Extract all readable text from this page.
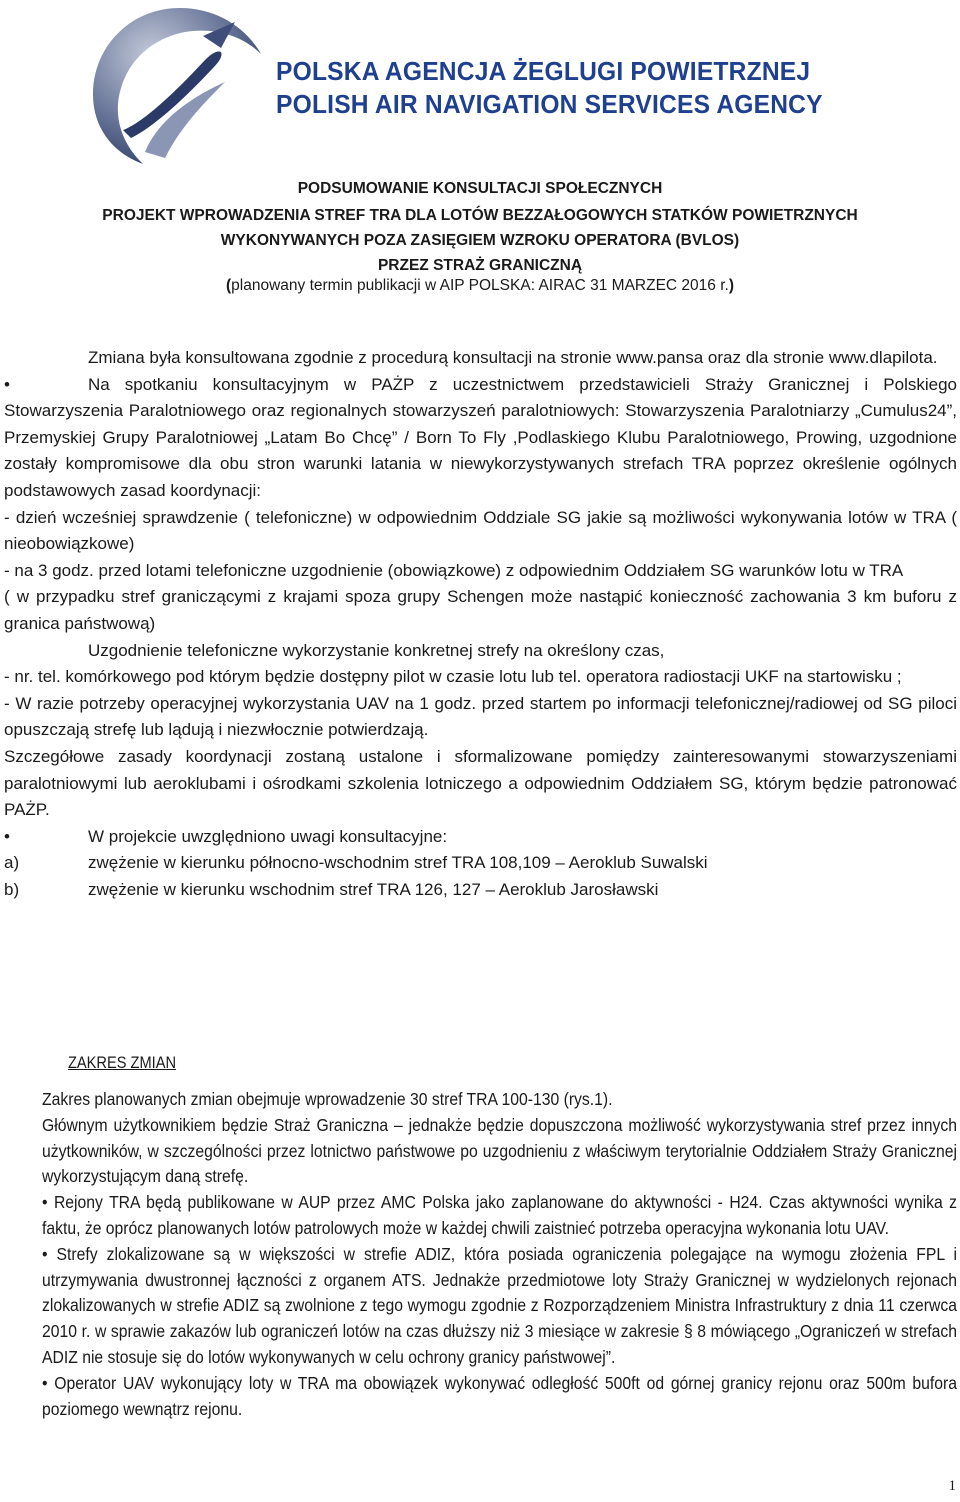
POLSKA AGENCJA ŻEGLUGI POWIETRZNEJ
POLISH AIR NAVIGATION SERVICES AGENCY
PODSUMOWANIE KONSULTACJI SPOŁECZNYCH
PROJEKT WPROWADZENIA STREF TRA DLA LOTÓW BEZZAŁOGOWYCH STATKÓW POWIETRZNYCH
WYKONYWANYCH POZA ZASIĘGIEM WZROKU OPERATORA (BVLOS)
PRZEZ STRAŻ GRANICZNĄ
(planowany termin publikacji w AIP POLSKA: AIRAC 31 MARZEC 2016 r.)

Zmiana była konsultowana zgodnie z procedurą konsultacji na stronie www.pansa oraz dla stronie www.dlapilota.

•	Na spotkaniu konsultacyjnym w PAŻP z uczestnictwem przedstawicieli Straży Granicznej i Polskiego Stowarzyszenia Paralotniowego oraz regionalnych stowarzyszeń paralotniowych: Stowarzyszenia Paralotniarzy „Cumulus24”, Przemyskiej Grupy Paralotniowej „Latam Bo Chcę” / Born To Fly ,Podlaskiego Klubu Paralotniowego, Prowing, uzgodnione zostały kompromisowe dla obu stron warunki latania w niewykorzystywanych strefach TRA poprzez określenie ogólnych podstawowych zasad koordynacji:

- dzień wcześniej sprawdzenie ( telefoniczne) w odpowiednim Oddziale SG jakie są możliwości wykonywania lotów w TRA ( nieobowiązkowe)

- na 3 godz. przed lotami telefoniczne uzgodnienie (obowiązkowe) z odpowiednim Oddziałem SG warunków lotu w TRA

( w przypadku stref graniczącymi z krajami spoza grupy Schengen może nastąpić konieczność zachowania 3 km buforu z granica państwową)

Uzgodnienie telefoniczne wykorzystanie konkretnej strefy na określony czas,

- nr. tel. komórkowego pod którym będzie dostępny pilot w czasie lotu lub tel. operatora radiostacji UKF na startowisku ;

- W razie potrzeby operacyjnej wykorzystania UAV na 1 godz. przed startem po informacji telefonicznej/radiowej od SG piloci opuszczają strefę lub lądują i niezwłocznie potwierdzają.

Szczegółowe zasady koordynacji zostaną ustalone i sformalizowane pomiędzy zainteresowanymi stowarzyszeniami paralotniowymi lub aeroklubami i ośrodkami szkolenia lotniczego a odpowiednim Oddziałem SG, którym będzie patronować PAŻP.

•	W projekcie uwzględniono uwagi konsultacyjne:
a)	zwężenie w kierunku północno-wschodnim stref TRA 108,109 – Aeroklub Suwalski
b)	zwężenie w kierunku wschodnim stref TRA 126, 127 – Aeroklub Jarosławski
ZAKRES ZMIAN

Zakres planowanych zmian obejmuje wprowadzenie 30 stref TRA 100-130 (rys.1).

Głównym użytkownikiem będzie Straż Graniczna – jednakże będzie dopuszczona możliwość wykorzystywania stref przez innych użytkowników, w szczególności przez lotnictwo państwowe po uzgodnieniu z właściwym terytorialnie Oddziałem Straży Granicznej wykorzystującym daną strefę.

• Rejony TRA będą publikowane w AUP przez AMC Polska jako zaplanowane do aktywności - H24. Czas aktywności wynika z faktu, że oprócz planowanych lotów patrolowych może w każdej chwili zaistnieć potrzeba operacyjna wykonania lotu UAV.

• Strefy zlokalizowane są w większości w strefie ADIZ, która posiada ograniczenia polegające na wymogu złożenia FPL i utrzymywania dwustronnej łączności z organem ATS. Jednakże przedmiotowe loty Straży Granicznej w wydzielonych rejonach zlokalizowanych w strefie ADIZ są zwolnione z tego wymogu zgodnie z Rozporządzeniem Ministra Infrastruktury z dnia 11 czerwca 2010 r. w sprawie zakazów lub ograniczeń lotów na czas dłuższy niż 3 miesiące w zakresie § 8 mówiącego „Ograniczeń w strefach ADIZ nie stosuje się do lotów wykonywanych w celu ochrony granicy państwowej”.

• Operator UAV wykonujący loty w TRA ma obowiązek wykonywać odległość 500ft od górnej granicy rejonu oraz 500m bufora poziomego wewnątrz rejonu.

1
